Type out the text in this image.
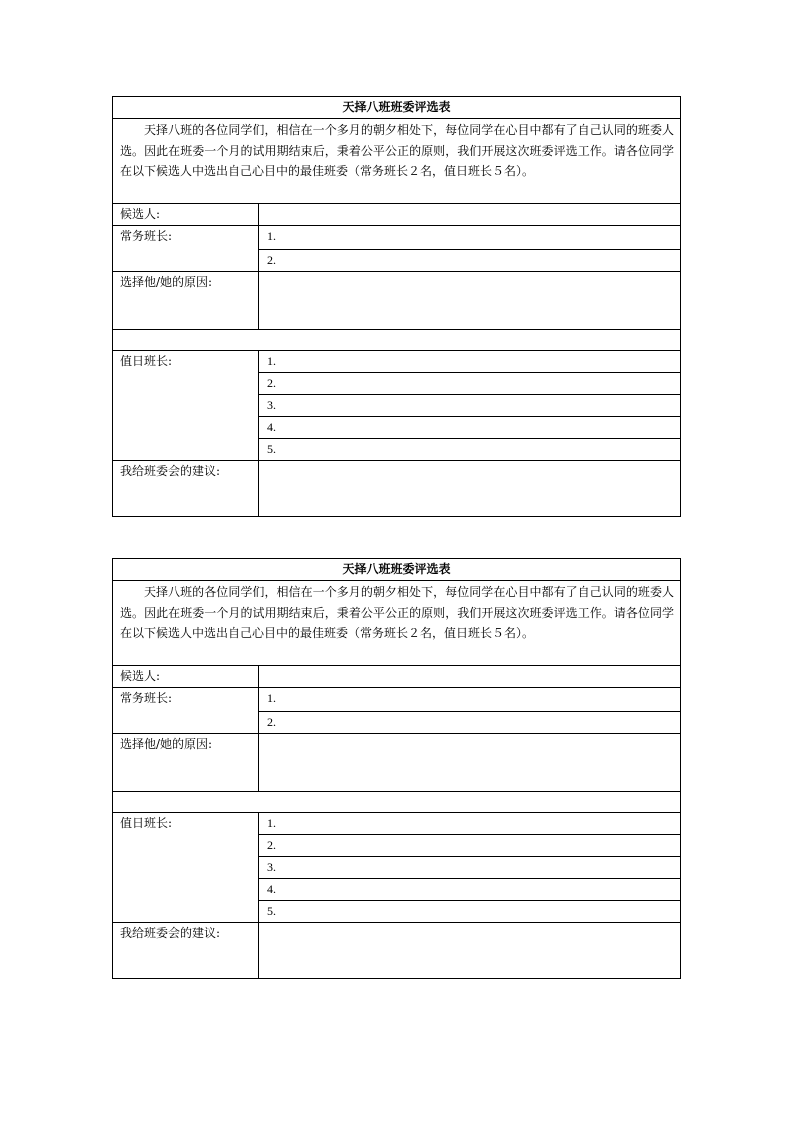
天择八班班委评选表	
天择八班的各位同学们，相信在一个多月的朝夕相处下，每位同学在心目中都有了自己认同的班委人选。因此在班委一个月的试用期结束后，秉着公平公正的原则，我们开展这次班委评选工作。请各位同学在以下候选人中选出自己心目中的最佳班委（常务班长２名，值日班长５名）。	
候选人:	
常务班长:	1.
	2.
选择他/她的原因:	

值日班长:	1.
	2.
	3.
	4.
	5.
我给班委会的建议:	
天择八班班委评选表	
天择八班的各位同学们，相信在一个多月的朝夕相处下，每位同学在心目中都有了自己认同的班委人选。因此在班委一个月的试用期结束后，秉着公平公正的原则，我们开展这次班委评选工作。请各位同学在以下候选人中选出自己心目中的最佳班委（常务班长２名，值日班长５名）。	
候选人:	
常务班长:	1.
	2.
选择他/她的原因:	

值日班长:	1.
	2.
	3.
	4.
	5.
我给班委会的建议:	
